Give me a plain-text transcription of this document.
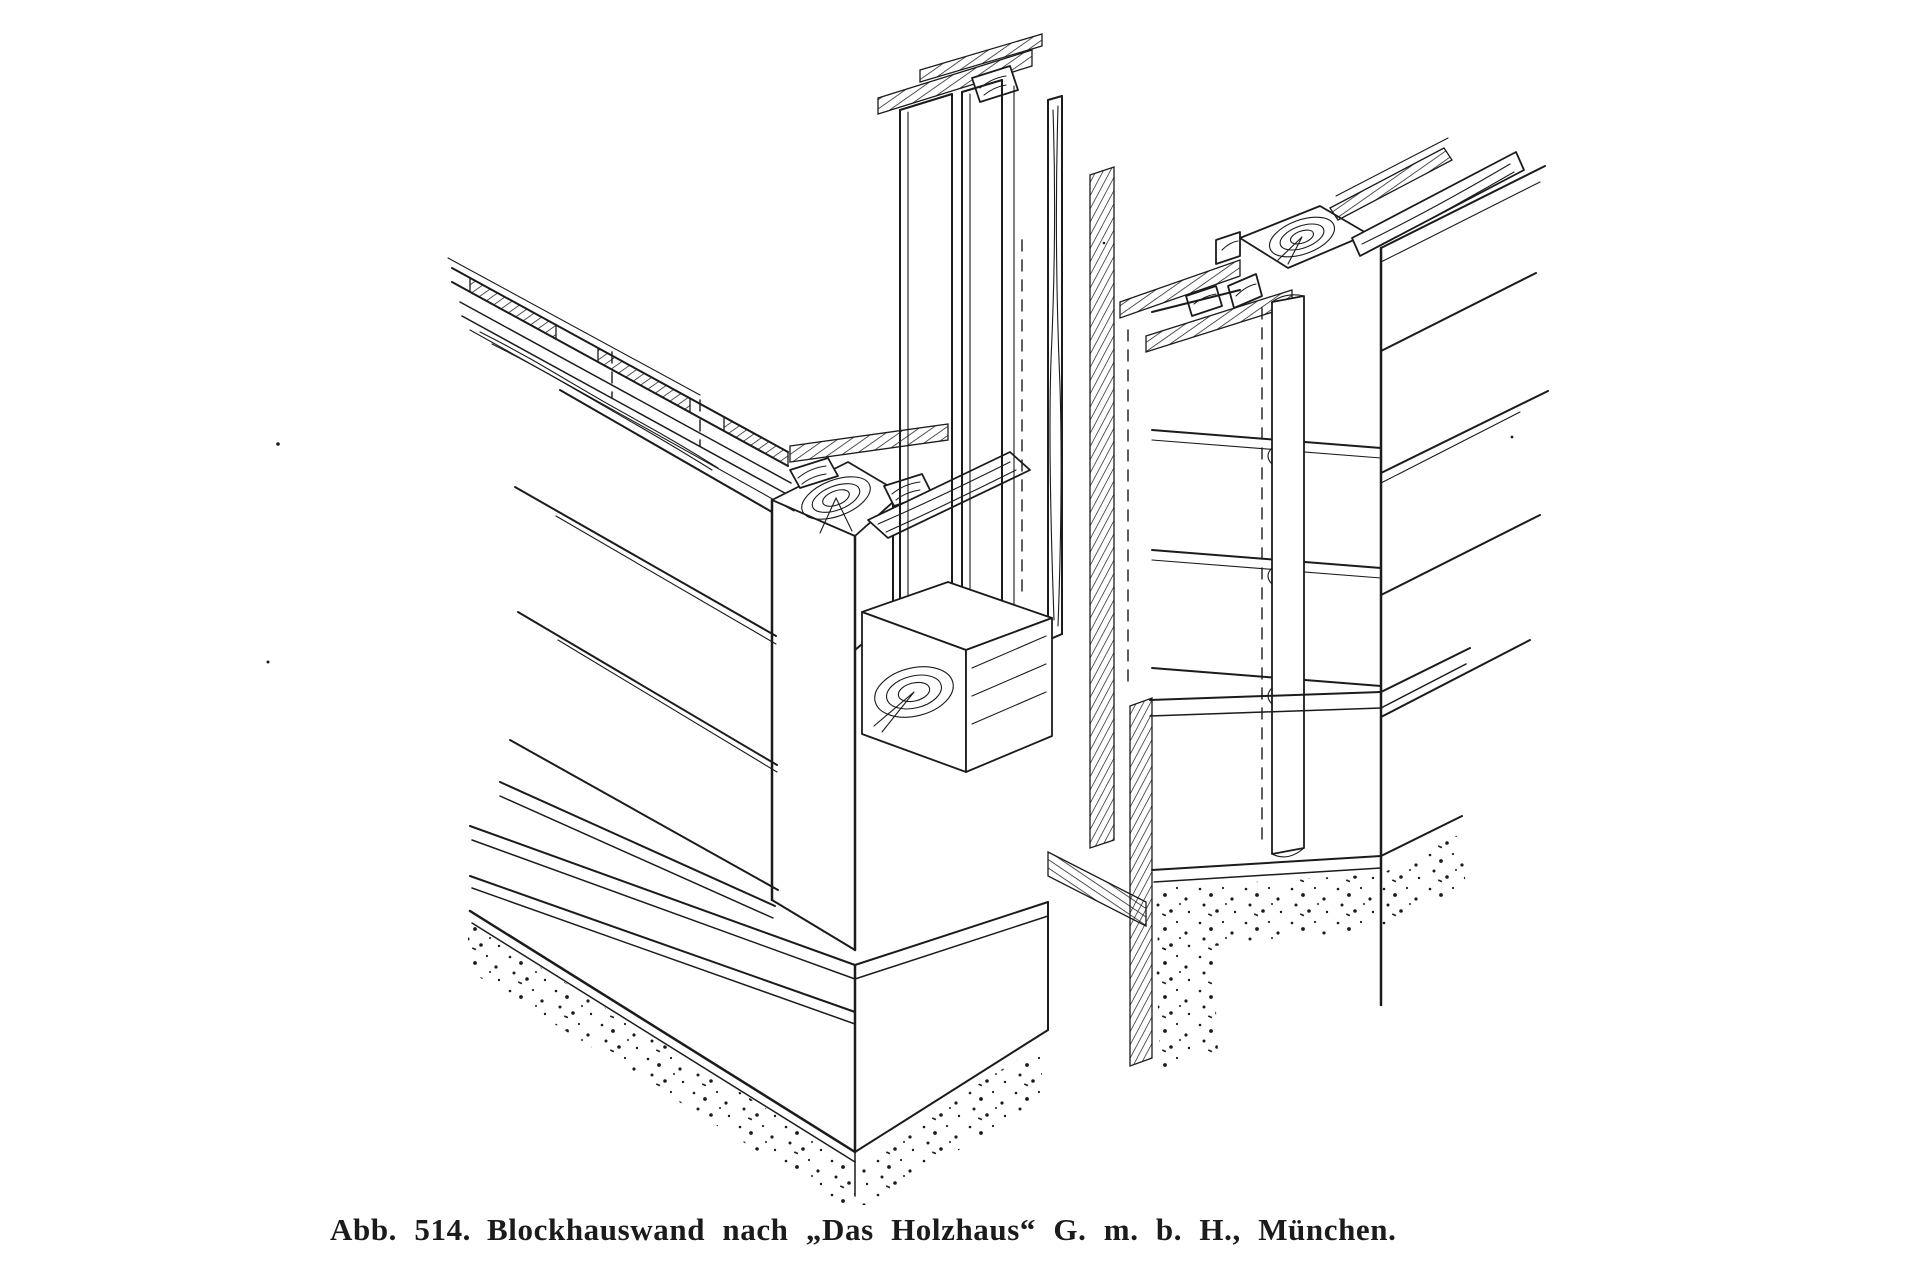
Abb. 514. Blockhauswand nach „Das Holzhaus“ G. m. b. H., München.
